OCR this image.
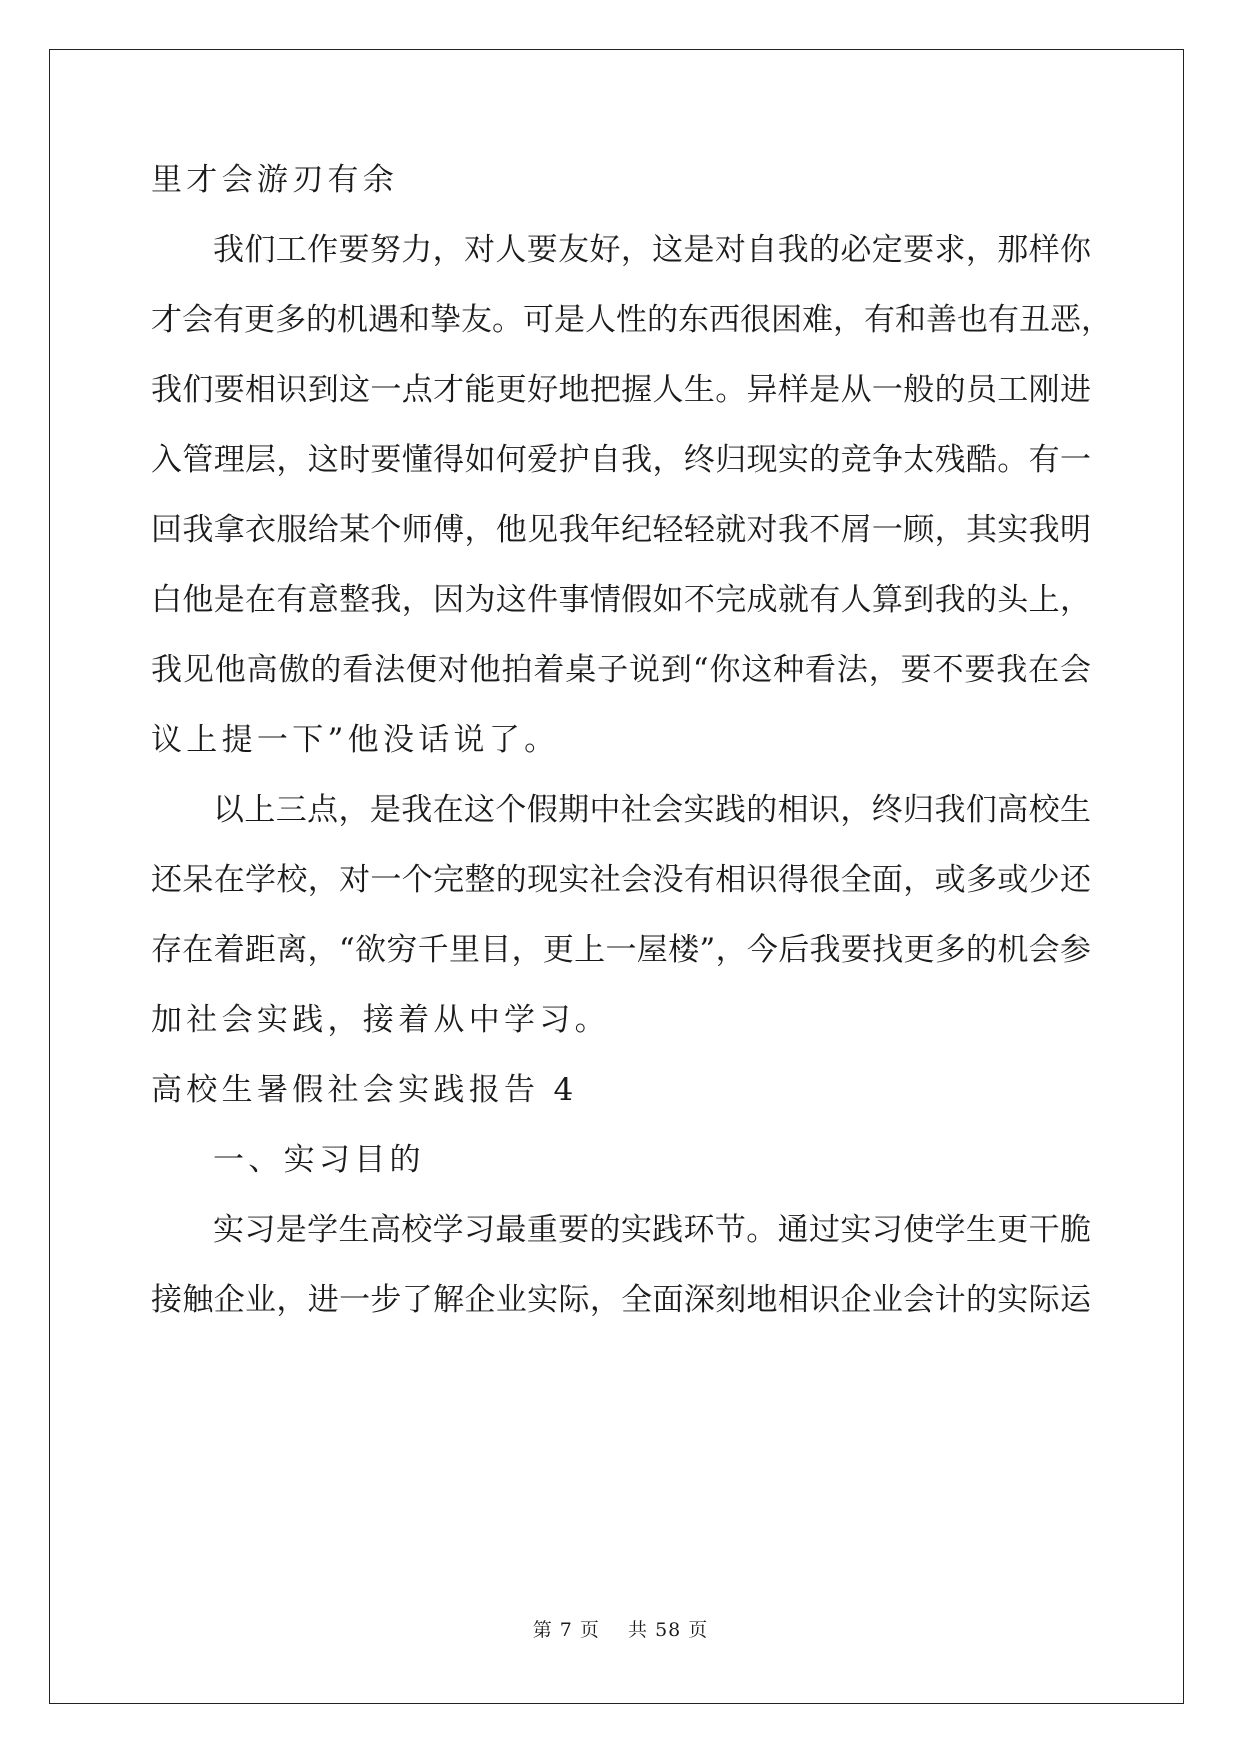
里才会游刃有余
我们工作要努力，对人要友好，这是对自我的必定要求，那样你
才会有更多的机遇和挚友。可是人性的东西很困难，有和善也有丑恶，
我们要相识到这一点才能更好地把握人生。异样是从一般的员工刚进
入管理层，这时要懂得如何爱护自我，终归现实的竞争太残酷。有一
回我拿衣服给某个师傅，他见我年纪轻轻就对我不屑一顾，其实我明
白他是在有意整我，因为这件事情假如不完成就有人算到我的头上，
我见他高傲的看法便对他拍着桌子说到“你这种看法，要不要我在会
议上提一下”他没话说了。
以上三点，是我在这个假期中社会实践的相识，终归我们高校生
还呆在学校，对一个完整的现实社会没有相识得很全面，或多或少还
存在着距离，“欲穷千里目，更上一屋楼”，今后我要找更多的机会参
加社会实践，接着从中学习。
高校生暑假社会实践报告 4
一、实习目的
实习是学生高校学习最重要的实践环节。通过实习使学生更干脆
接触企业，进一步了解企业实际，全面深刻地相识企业会计的实际运
第 7 页    共 58 页
